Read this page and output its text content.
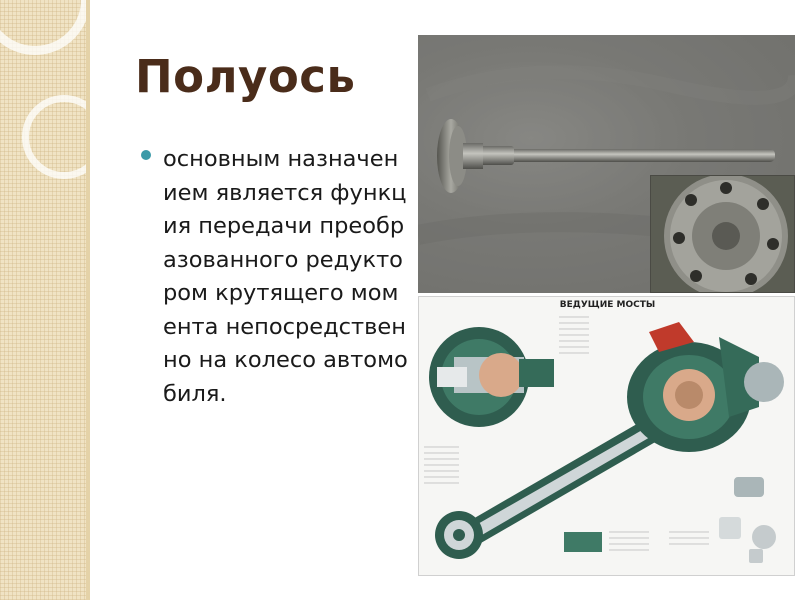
Полуось

основным назначением является функция передачи преобразованного редуктором крутящего момента непосредственно на колесо автомобиля.

ВЕДУЩИЕ МОСТЫ
